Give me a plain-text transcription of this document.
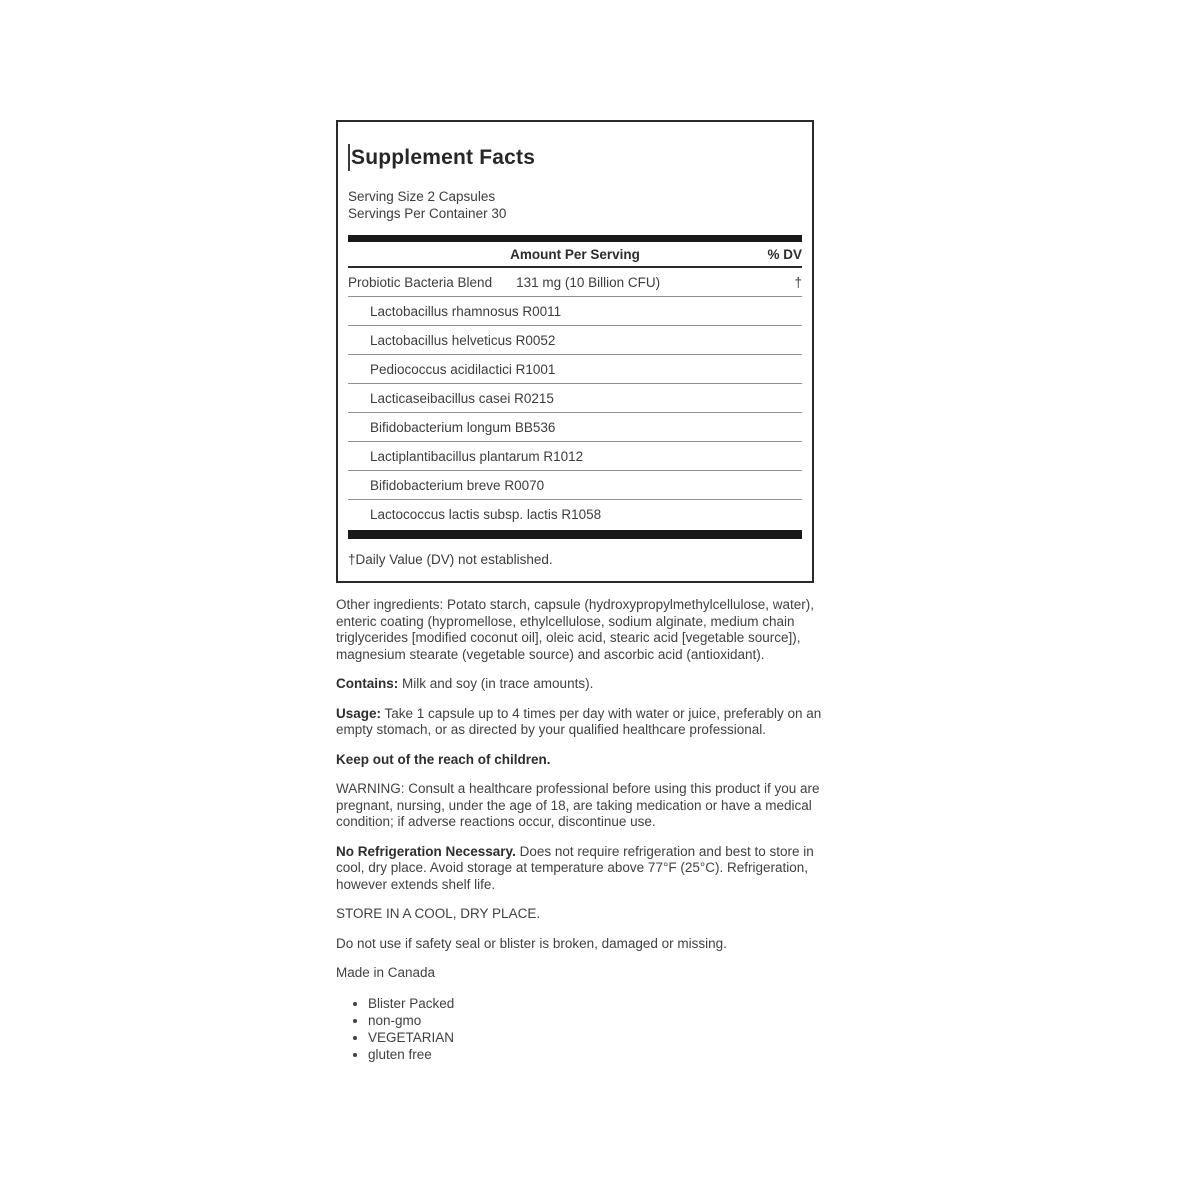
Supplement Facts
Serving Size 2 Capsules
Servings Per Container 30
Amount Per Serving	% DV
Probiotic Bacteria Blend 131 mg (10 Billion CFU)	†
Lactobacillus rhamnosus R0011
Lactobacillus helveticus R0052
Pediococcus acidilactici R1001
Lacticaseibacillus casei R0215
Bifidobacterium longum BB536
Lactiplantibacillus plantarum R1012
Bifidobacterium breve R0070
Lactococcus lactis subsp. lactis R1058
†Daily Value (DV) not established.

Other ingredients: Potato starch, capsule (hydroxypropylmethylcellulose, water), enteric coating (hypromellose, ethylcellulose, sodium alginate, medium chain triglycerides [modified coconut oil], oleic acid, stearic acid [vegetable source]), magnesium stearate (vegetable source) and ascorbic acid (antioxidant).

Contains: Milk and soy (in trace amounts).

Usage: Take 1 capsule up to 4 times per day with water or juice, preferably on an empty stomach, or as directed by your qualified healthcare professional.

Keep out of the reach of children.

WARNING: Consult a healthcare professional before using this product if you are pregnant, nursing, under the age of 18, are taking medication or have a medical condition; if adverse reactions occur, discontinue use.

No Refrigeration Necessary. Does not require refrigeration and best to store in cool, dry place. Avoid storage at temperature above 77°F (25°C). Refrigeration, however extends shelf life.

STORE IN A COOL, DRY PLACE.

Do not use if safety seal or blister is broken, damaged or missing.

Made in Canada

• Blister Packed
• non-gmo
• VEGETARIAN
• gluten free
